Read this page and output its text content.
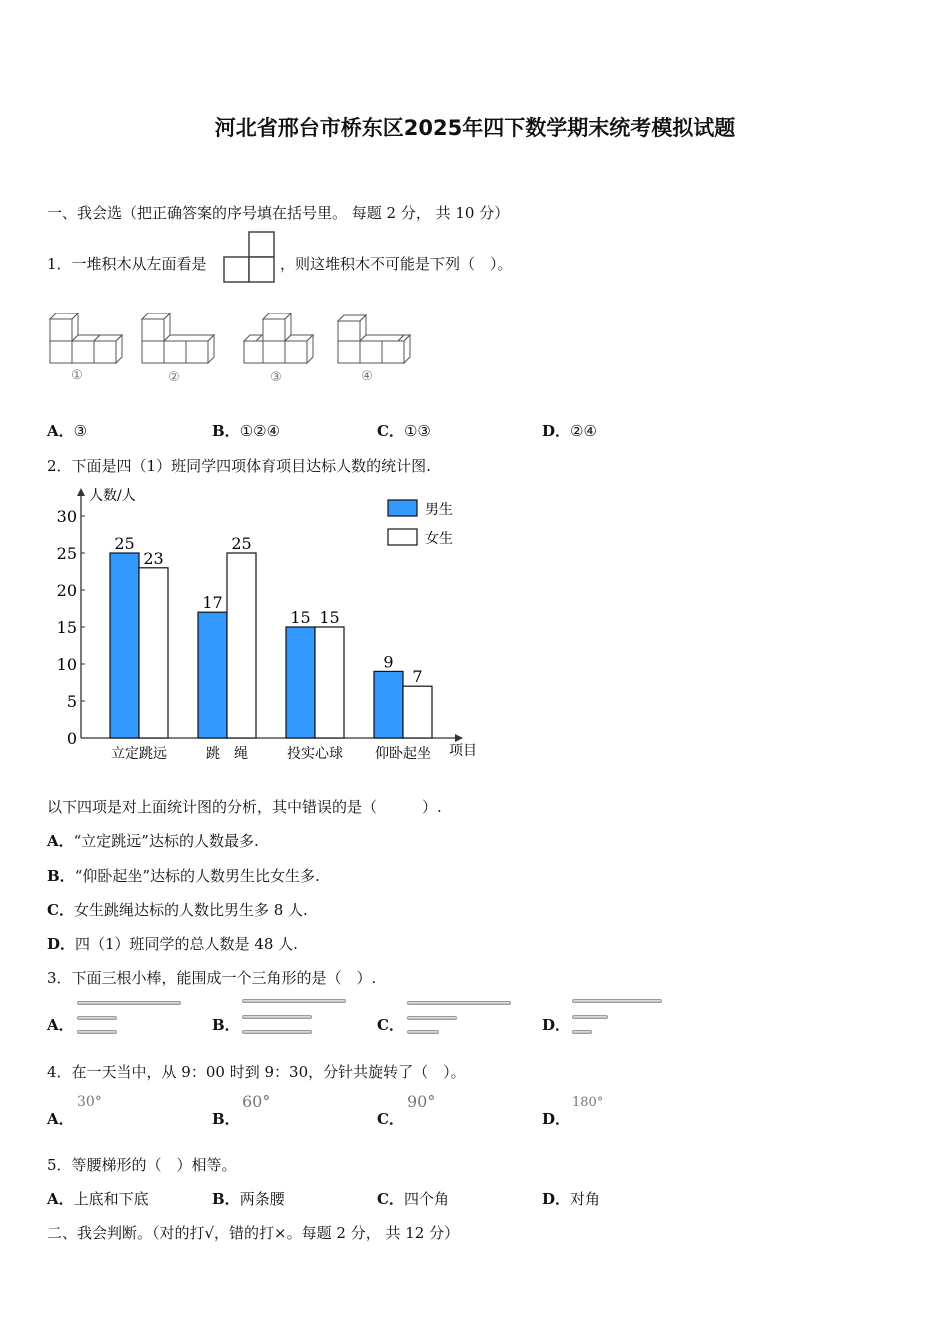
河北省邢台市桥东区2025年四下数学期末统考模拟试题
一、我会选（把正确答案的序号填在括号里。 每题 2 分， 共 10 分）
1．一堆积木从左面看是	，则这堆积木不可能是下列（　）。
①	②	③	④
A．③	B．①②④	C．①③	D．②④
2．下面是四（1）班同学四项体育项目达标人数的统计图.
0
5
10
15
20
25
30
25
23
17
25
15 15
9
7
立定跳远	跳　绳	投实心球 仰卧起坐
男生
女生
人数/人
项目
以下四项是对上面统计图的分析，其中错误的是（　　　）.
A．“立定跳远”达标的人数最多.
B．“仰卧起坐”达标的人数男生比女生多.
C．女生跳绳达标的人数比男生多 8 人.
D．四（1）班同学的总人数是 48 人.
3．下面三根小棒，能围成一个三角形的是（　）.
A．	B．	C．	D．
4．在一天当中，从 9：00 时到 9：30，分针共旋转了（　）。
A．
30°
B．
60°
C．
90°
D．
180°
5．等腰梯形的（　）相等。
A．上底和下底	B．两条腰	C．四个角	D．对角
二、我会判断。（对的打√，错的打×。每题 2 分， 共 12 分）
